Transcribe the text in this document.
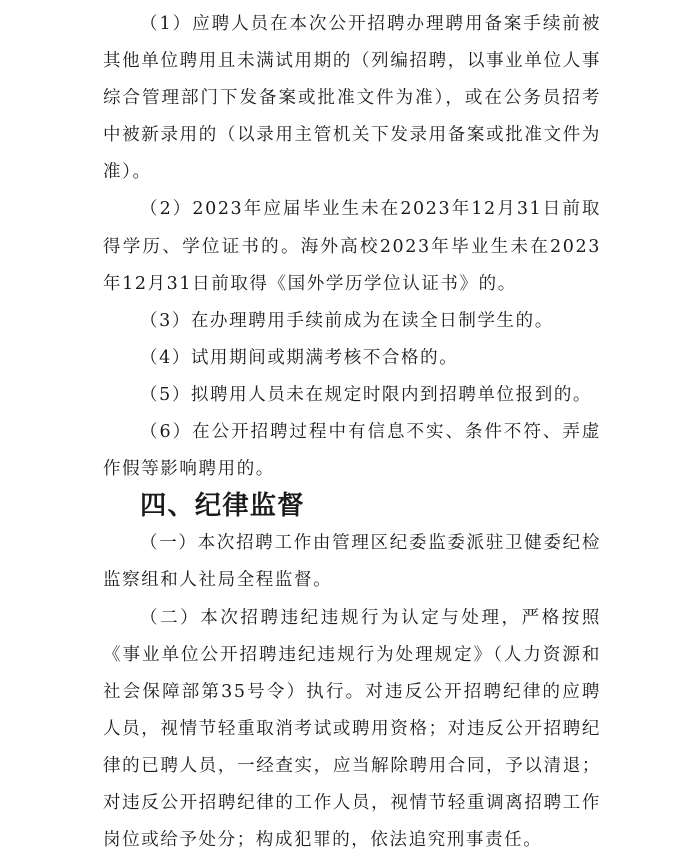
（1）应聘人员在本次公开招聘办理聘用备案手续前被其他单位聘用且未满试用期的（列编招聘，以事业单位人事综合管理部门下发备案或批准文件为准），或在公务员招考中被新录用的（以录用主管机关下发录用备案或批准文件为准）。

（2）2023年应届毕业生未在2023年12月31日前取得学历、学位证书的。海外高校2023年毕业生未在2023年12月31日前取得《国外学历学位认证书》的。

（3）在办理聘用手续前成为在读全日制学生的。

（4）试用期间或期满考核不合格的。

（5）拟聘用人员未在规定时限内到招聘单位报到的。

（6）在公开招聘过程中有信息不实、条件不符、弄虚作假等影响聘用的。

四、纪律监督

（一）本次招聘工作由管理区纪委监委派驻卫健委纪检监察组和人社局全程监督。

（二）本次招聘违纪违规行为认定与处理，严格按照《事业单位公开招聘违纪违规行为处理规定》（人力资源和社会保障部第35号令）执行。对违反公开招聘纪律的应聘人员，视情节轻重取消考试或聘用资格；对违反公开招聘纪律的已聘人员，一经查实，应当解除聘用合同，予以清退；对违反公开招聘纪律的工作人员，视情节轻重调离招聘工作岗位或给予处分；构成犯罪的，依法追究刑事责任。
